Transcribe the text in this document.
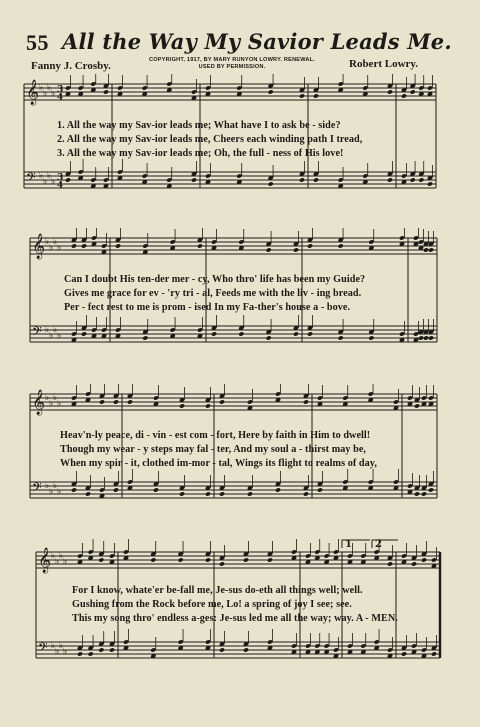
55 All the Way My Savior Leads Me.
Fanny J. Crosby.	COPYRIGHT, 1917, BY MARY RUNYON LOWRY. RENEWAL.
USED BY PERMISSION.	Robert Lowry.
𝄞 ♭
♭
♭
♭
𝄢 ♭
♭
♭
♭
3
4
3
4
1. All the way my Sav-ior leads me; What have I to ask be - side?
2. All the way my Sav-ior leads me, Cheers each winding path I tread,
3. All the way my Sav-ior leads me; Oh, the full - ness of His love!
𝄞 ♭
♭
♭
♭
𝄢 ♭
♭
♭
♭
Can I doubt His ten-der mer - cy, Who thro' life has been my Guide?
Gives me grace for ev - 'ry tri - al, Feeds me with the liv - ing bread.
Per - fect rest to me is prom - ised In my Fa-ther's house a - bove.
𝄞 ♭
♭
♭
♭
𝄢 ♭
♭
♭
♭
Heav'n-ly peace, di - vin - est com - fort, Here by faith in Him to dwell!
Though my wear - y steps may fal - ter, And my soul a - thirst may be,
When my spir - it, clothed im-mor - tal, Wings its flight to realms of day,
𝄞 ♭
♭
♭
♭
𝄢 ♭
♭
♭
♭
1 2
For I know, whate'er be-fall me, Je-sus do-eth all things well; well.
Gushing from the Rock before me, Lo! a spring of joy I see; see.
This my song thro' endless a-ges: Je-sus led me all the way; way. A - MEN.
